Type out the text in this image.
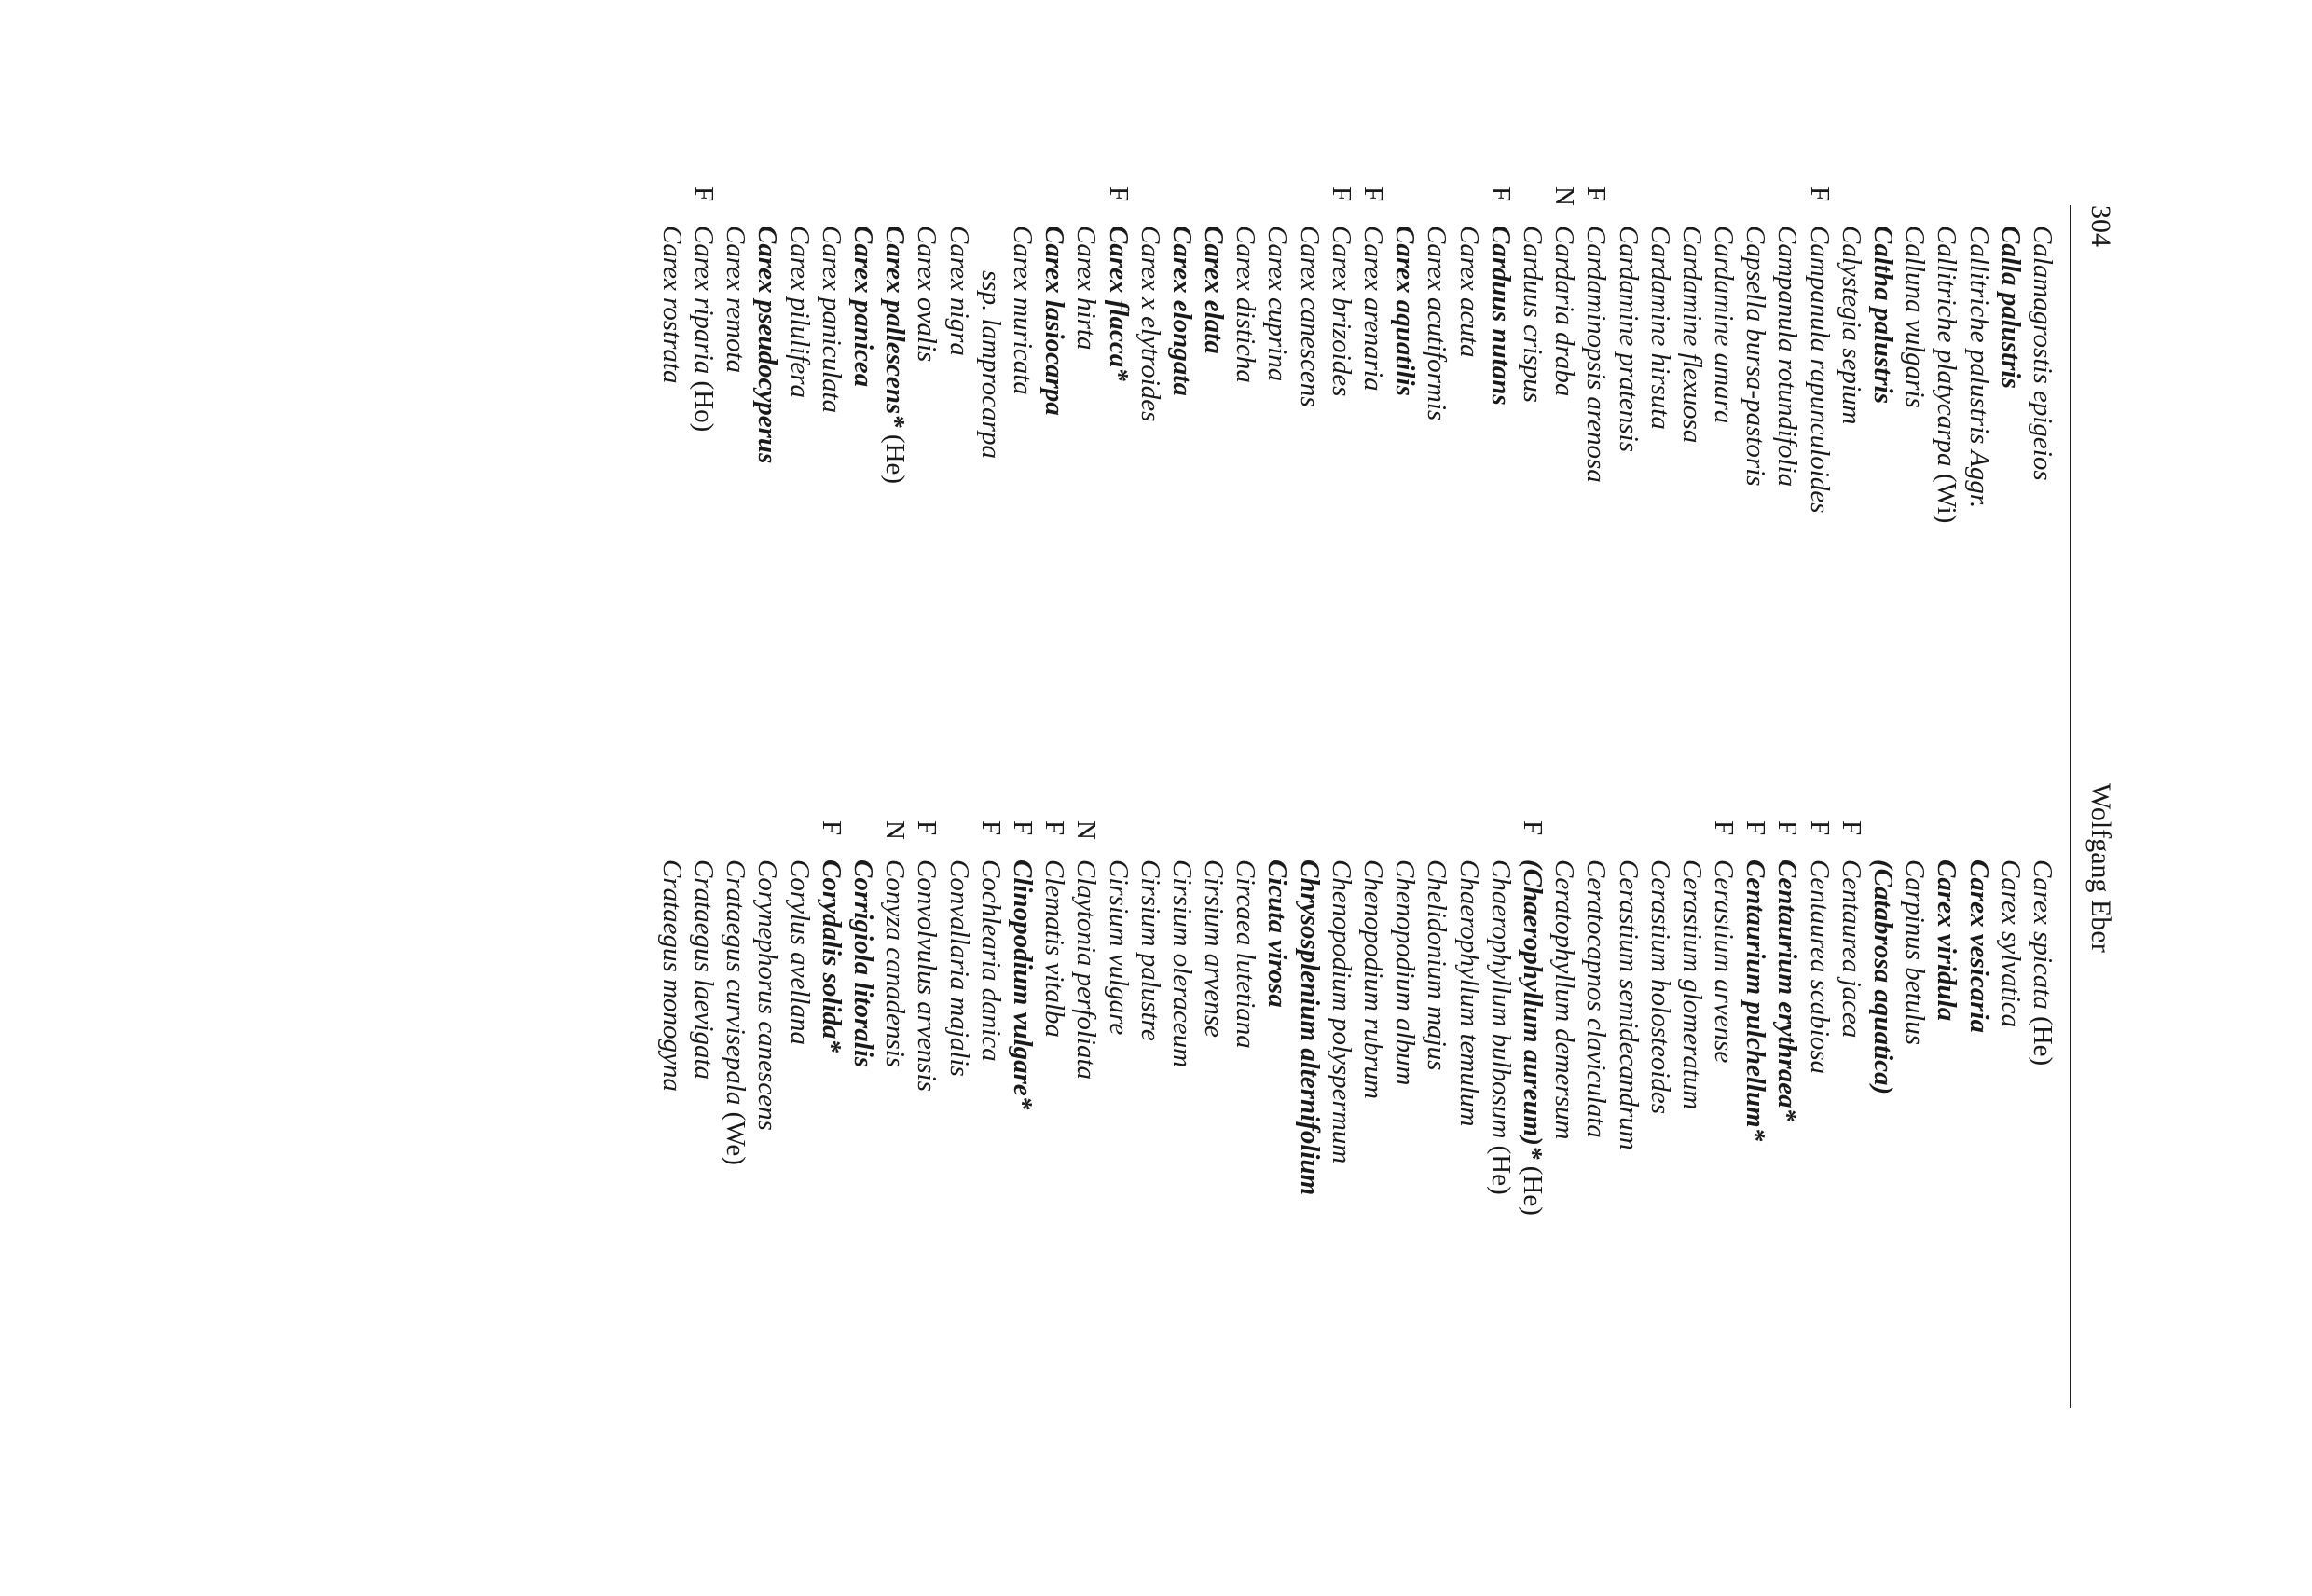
304
Wolfgang Eber
Calamagrostis epigeios
Calla palustris
Callitriche palustris Aggr.
Callitriche platycarpa (Wi)
Calluna vulgaris
Caltha palustris
Calystegia sepium
F
Campanula rapunculoides
Campanula rotundifolia
Capsella bursa-pastoris
Cardamine amara
Cardamine flexuosa
Cardamine hirsuta
Cardamine pratensis
F
Cardaminopsis arenosa
N
Cardaria draba
Carduus crispus
F
Carduus nutans
Carex acuta
Carex acutiformis
Carex aquatilis
F
Carex arenaria
F
Carex brizoides
Carex canescens
Carex cuprina
Carex disticha
Carex elata
Carex elongata
Carex x elytroides
F
Carex flacca*
Carex hirta
Carex lasiocarpa
Carex muricata
ssp. lamprocarpa
Carex nigra
Carex ovalis
Carex pallescens* (He)
Carex panicea
Carex paniculata
Carex pilulifera
Carex pseudocyperus
Carex remota
F
Carex riparia (Ho)
Carex rostrata
Carex spicata (He)
Carex sylvatica
Carex vesicaria
Carex viridula
Carpinus betulus
(Catabrosa aquatica)
F
Centaurea jacea
F
Centaurea scabiosa
F
Centaurium erythraea*
F
Centaurium pulchellum*
F
Cerastium arvense
Cerastium glomeratum
Cerastium holosteoides
Cerastium semidecandrum
Ceratocapnos claviculata
Ceratophyllum demersum
F
(Chaerophyllum aureum)* (He)
Chaerophyllum bulbosum (He)
Chaerophyllum temulum
Chelidonium majus
Chenopodium album
Chenopodium rubrum
Chenopodium polyspermum
Chrysosplenium alternifolium
Cicuta virosa
Circaea lutetiana
Cirsium arvense
Cirsium oleraceum
Cirsium palustre
Cirsium vulgare
N
Claytonia perfoliata
F
Clematis vitalba
F
Clinopodium vulgare*
F
Cochlearia danica
Convallaria majalis
F
Convolvulus arvensis
N
Conyza canadensis
Corrigiola litoralis
F
Corydalis solida*
Corylus avellana
Corynephorus canescens
Crataegus curvisepala (We)
Crataegus laevigata
Crataegus monogyna
